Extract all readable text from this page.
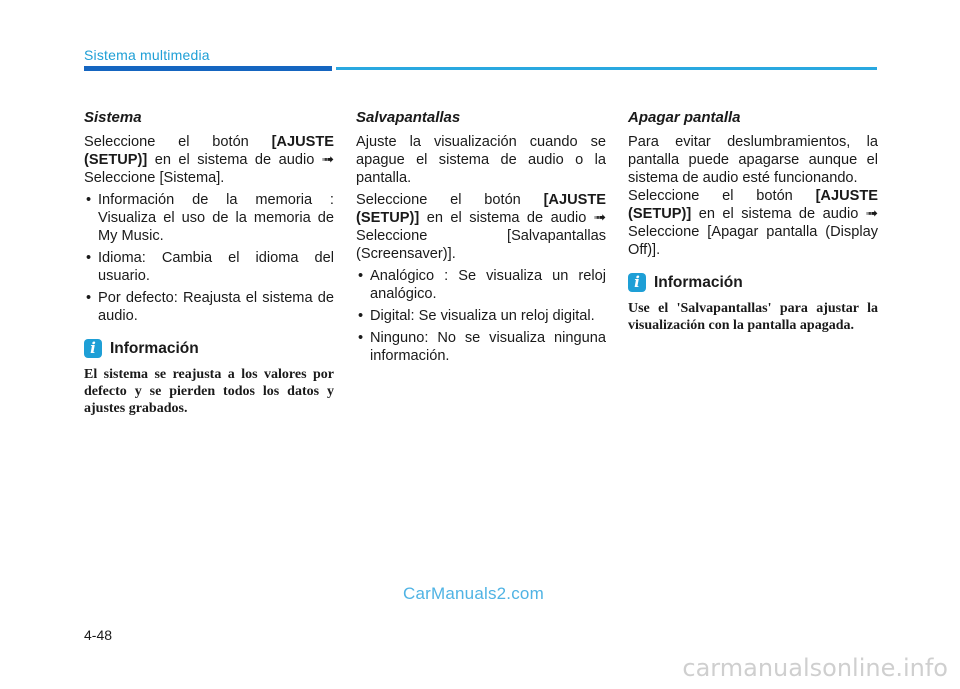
Sistema multimedia
Sistema

Seleccione el botón [AJUSTE (SETUP)] en el sistema de audio ➟ Seleccione [Sistema].

• Información de la memoria : Visualiza el uso de la memoria de My Music.
• Idioma: Cambia el idioma del usuario.
• Por defecto: Reajusta el sistema de audio.
i Información
El sistema se reajusta a los valores por defecto y se pierden todos los datos y ajustes grabados.
Salvapantallas

Ajuste la visualización cuando se apague el sistema de audio o la pantalla.

Seleccione el botón [AJUSTE (SETUP)] en el sistema de audio ➟ Seleccione [Salvapantallas (Screensaver)].

• Analógico : Se visualiza un reloj analógico.
• Digital: Se visualiza un reloj digital.
• Ninguno: No se visualiza ninguna información.
Apagar pantalla

Para evitar deslumbramientos, la pantalla puede apagarse aunque el sistema de audio esté funcionando.

Seleccione el botón [AJUSTE (SETUP)] en el sistema de audio ➟ Seleccione [Apagar pantalla (Display Off)].

i Información
Use el 'Salvapantallas' para ajustar la visualización con la pantalla apagada.
CarManuals2.com
4-48
carmanualsonline.info
